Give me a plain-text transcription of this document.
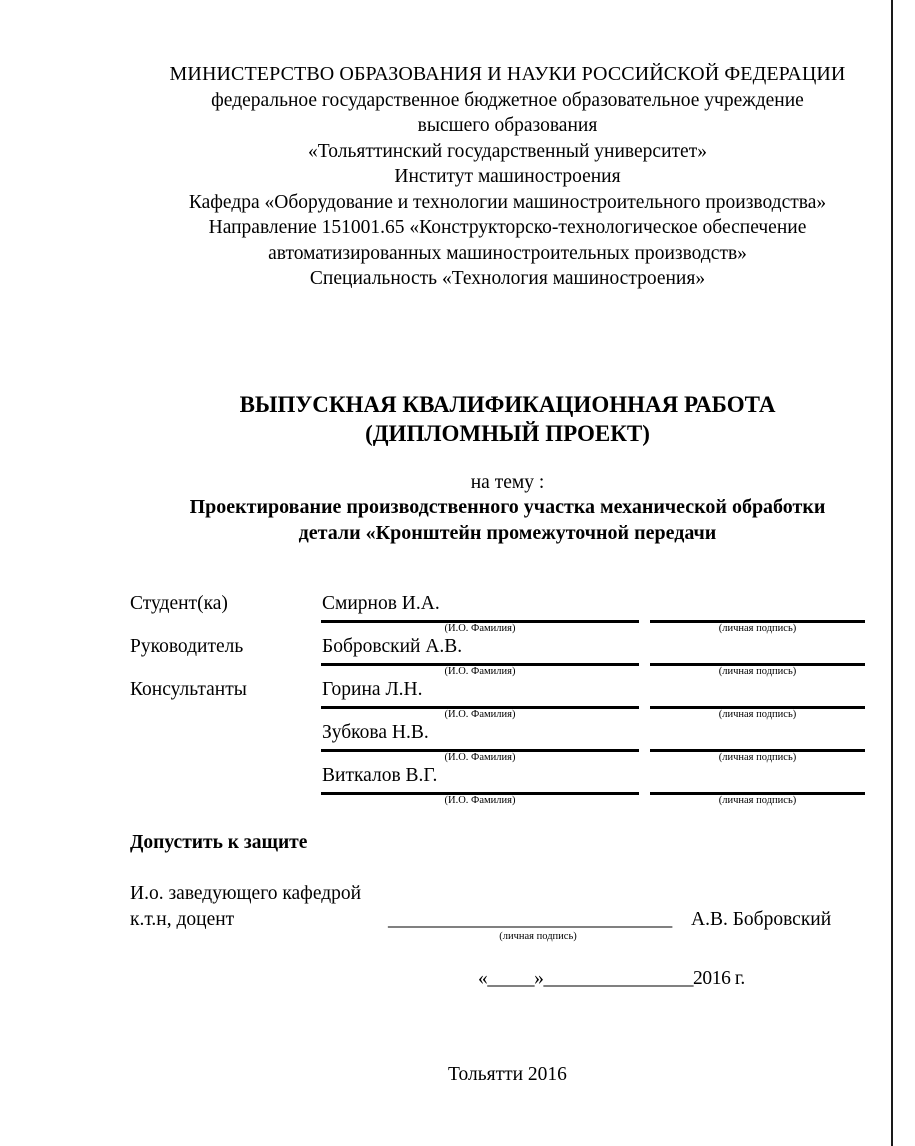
МИНИСТЕРСТВО ОБРАЗОВАНИЯ И НАУКИ РОССИЙСКОЙ ФЕДЕРАЦИИ
федеральное государственное бюджетное образовательное учреждение
высшего образования
«Тольяттинский государственный университет»
Институт машиностроения
Кафедра «Оборудование и технологии машиностроительного производства»
Направление 151001.65 «Конструкторско-технологическое обеспечение
автоматизированных машиностроительных производств»
Специальность «Технология машиностроения»
ВЫПУСКНАЯ КВАЛИФИКАЦИОННАЯ РАБОТА
(ДИПЛОМНЫЙ ПРОЕКТ)
на тему :
Проектирование производственного участка механической обработки
детали «Кронштейн промежуточной передачи
Студент(ка)	Смирнов И.А.
(И.О. Фамилия)	(личная подпись)
Руководитель	Бобровский А.В.
(И.О. Фамилия)	(личная подпись)
Консультанты	Горина Л.Н.
(И.О. Фамилия)	(личная подпись)
Зубкова Н.В.
(И.О. Фамилия)	(личная подпись)
Виткалов В.Г.
(И.О. Фамилия)	(личная подпись)
Допустить к защите
И.о. заведующего кафедрой
к.т.н, доцент	_______________________________ А.В. Бобровский
(личная подпись)
«_____»________________2016 г.
Тольятти 2016
